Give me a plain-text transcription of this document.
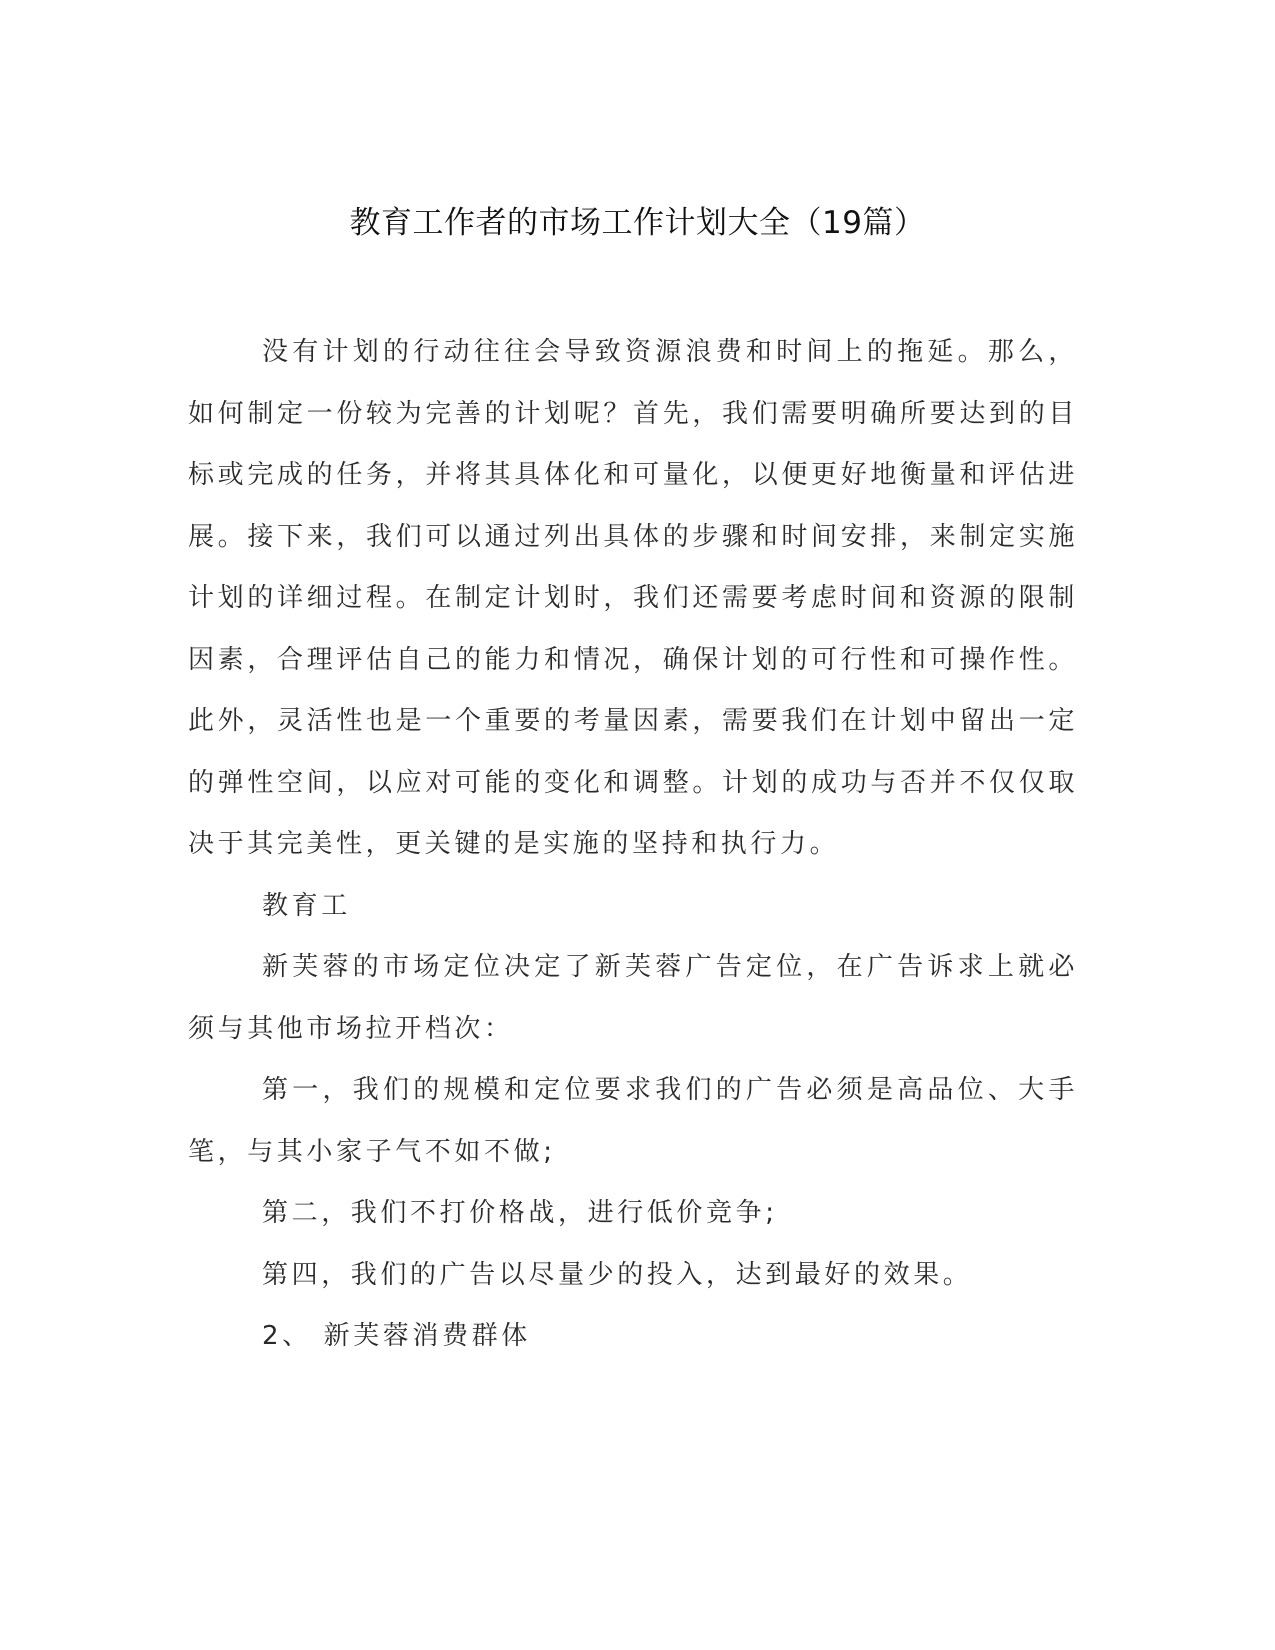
教育工作者的市场工作计划大全（19篇）

没有计划的行动往往会导致资源浪费和时间上的拖延。那么，如何制定一份较为完善的计划呢？首先，我们需要明确所要达到的目标或完成的任务，并将其具体化和可量化，以便更好地衡量和评估进展。接下来，我们可以通过列出具体的步骤和时间安排，来制定实施计划的详细过程。在制定计划时，我们还需要考虑时间和资源的限制因素，合理评估自己的能力和情况，确保计划的可行性和可操作性。此外，灵活性也是一个重要的考量因素，需要我们在计划中留出一定的弹性空间，以应对可能的变化和调整。计划的成功与否并不仅仅取决于其完美性，更关键的是实施的坚持和执行力。

教育工

新芙蓉的市场定位决定了新芙蓉广告定位，在广告诉求上就必须与其他市场拉开档次：

第一，我们的规模和定位要求我们的广告必须是高品位、大手笔，与其小家子气不如不做;

第二，我们不打价格战，进行低价竞争;

第四，我们的广告以尽量少的投入，达到最好的效果。

2、 新芙蓉消费群体
